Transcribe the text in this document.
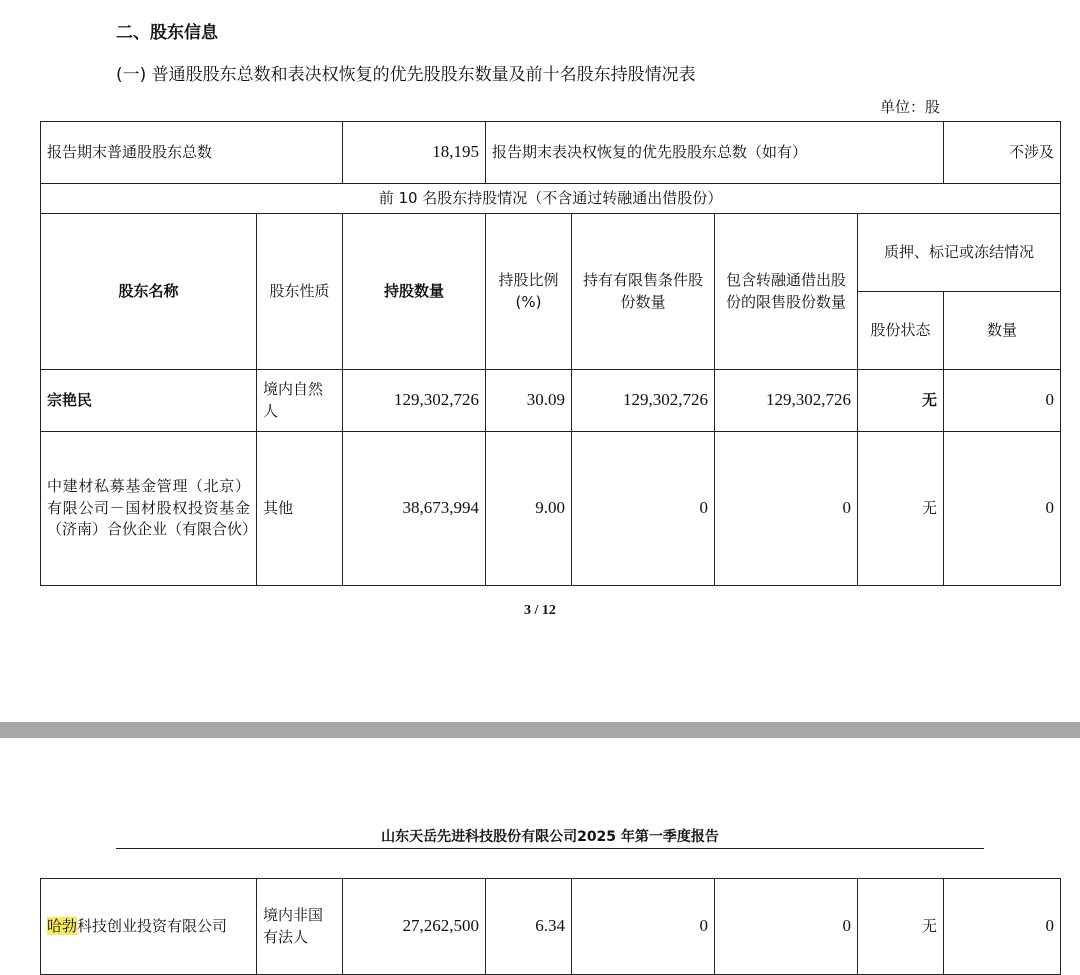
二、股东信息
(一) 普通股股东总数和表决权恢复的优先股股东数量及前十名股东持股情况表
单位：股
报告期末普通股股东总数		18,195	报告期末表决权恢复的优先股股东总数（如有）				不涉及
前 10 名股东持股情况（不含通过转融通出借股份）							
股东名称	股东性质	持股数量	持股比例(%)	持有有限售条件股份数量	包含转融通借出股份的限售股份数量	质押、标记或冻结情况	
						股份状态	数量
宗艳民	境内自然人	129,302,726	30.09	129,302,726	129,302,726	无	0
中建材私募基金管理（北京）有限公司－国材股权投资基金（济南）合伙企业（有限合伙）	其他	38,673,994	9.00	0	0	无	0
3 / 12
山东天岳先进科技股份有限公司2025 年第一季度报告
哈勃科技创业投资有限公司	境内非国有法人	27,262,500	6.34	0	0	无	0
